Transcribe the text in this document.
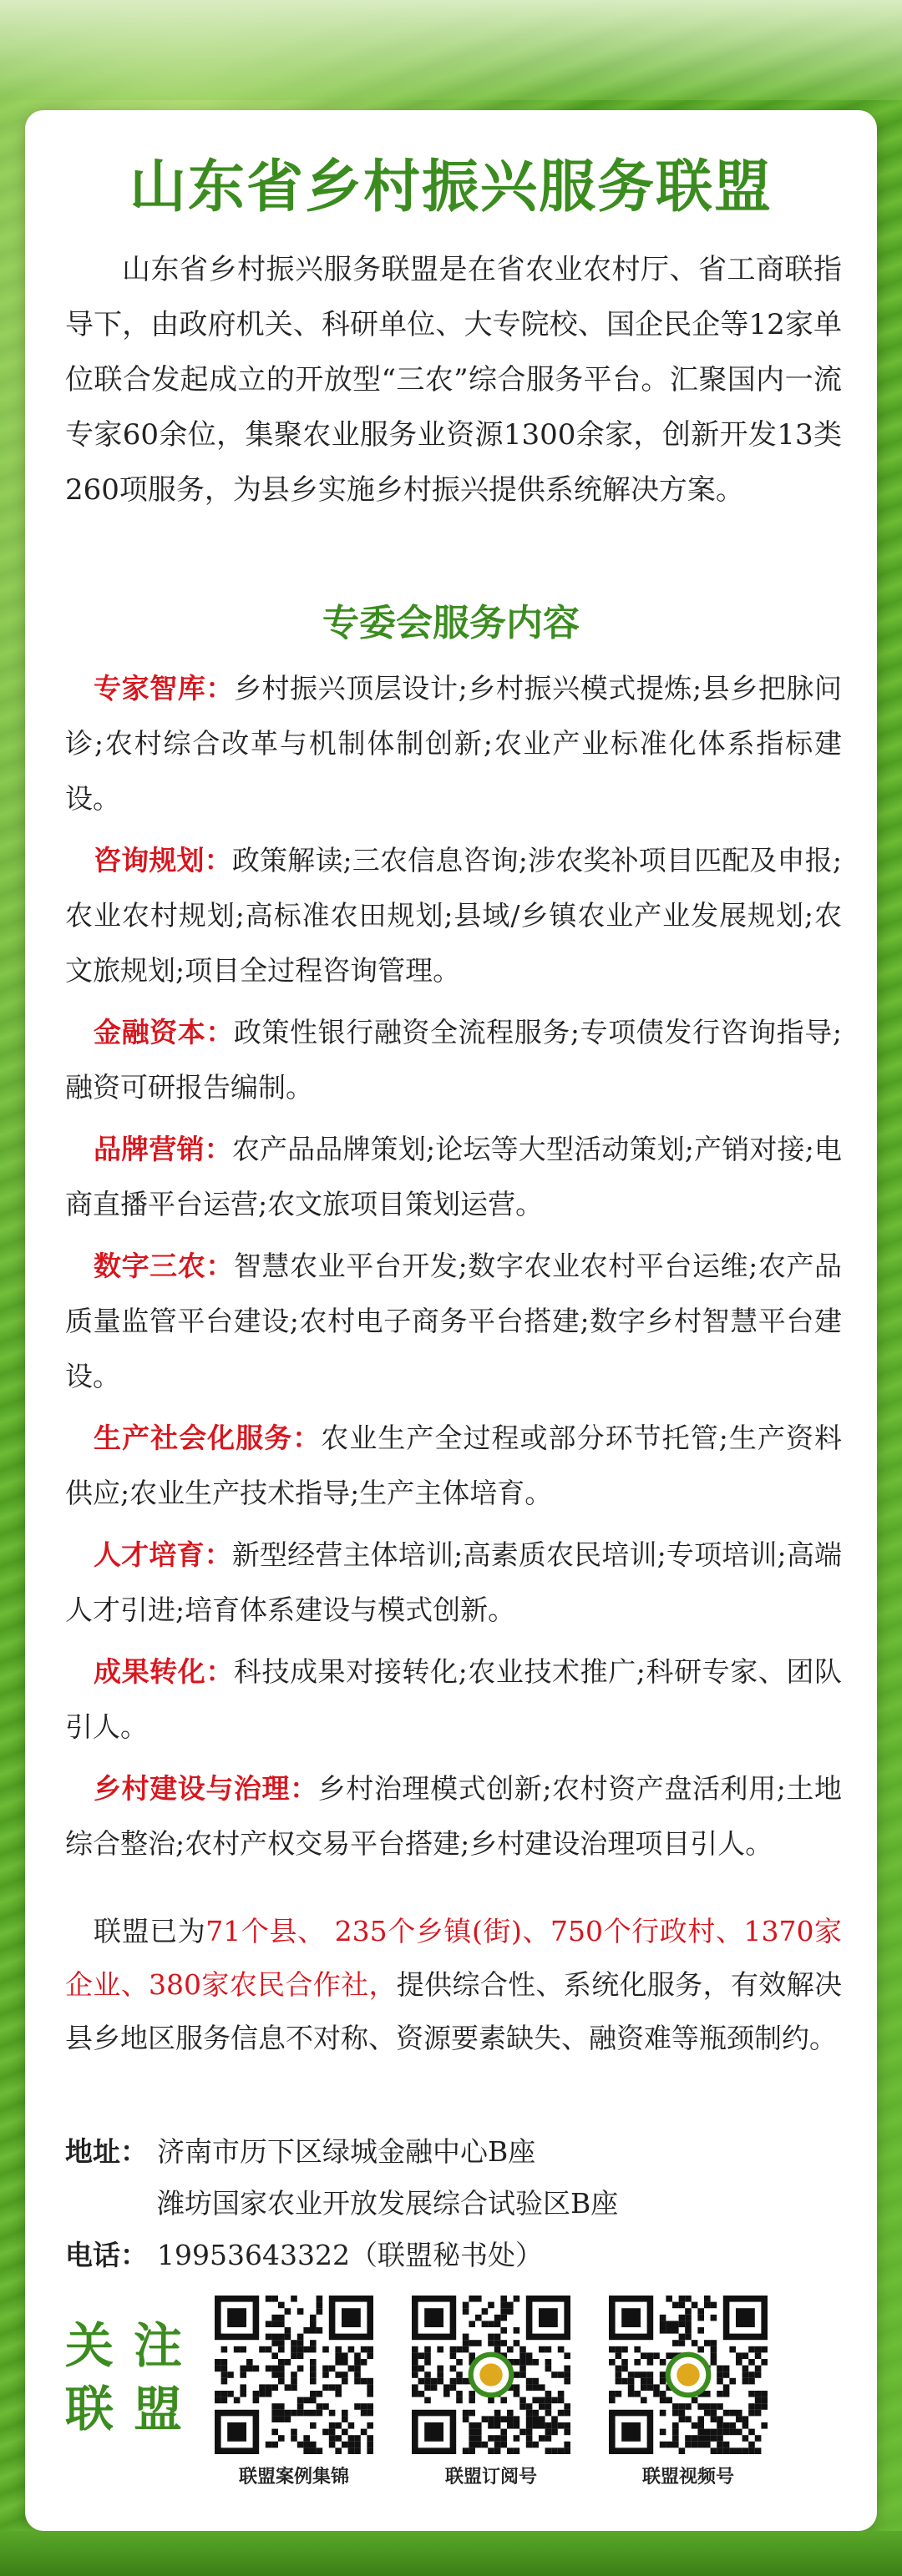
山东省乡村振兴服务联盟
山东省乡村振兴服务联盟是在省农业农村厅、省工商联指导下，由政府机关、科研单位、大专院校、国企民企等12家单位联合发起成立的开放型“三农”综合服务平台。汇聚国内一流专家60余位，集聚农业服务业资源1300余家，创新开发13类260项服务，为县乡实施乡村振兴提供系统解决方案。
专委会服务内容
专家智库：乡村振兴顶层设计;乡村振兴模式提炼;县乡把脉问诊;农村综合改革与机制体制创新;农业产业标准化体系指标建设。
咨询规划：政策解读;三农信息咨询;涉农奖补项目匹配及申报;农业农村规划;高标准农田规划;县域/乡镇农业产业发展规划;农文旅规划;项目全过程咨询管理。
金融资本：政策性银行融资全流程服务;专项债发行咨询指导;融资可研报告编制。
品牌营销：农产品品牌策划;论坛等大型活动策划;产销对接;电商直播平台运营;农文旅项目策划运营。
数字三农：智慧农业平台开发;数字农业农村平台运维;农产品质量监管平台建设;农村电子商务平台搭建;数字乡村智慧平台建设。
生产社会化服务：农业生产全过程或部分环节托管;生产资料供应;农业生产技术指导;生产主体培育。
人才培育：新型经营主体培训;高素质农民培训;专项培训;高端人才引进;培育体系建设与模式创新。
成果转化：科技成果对接转化;农业技术推广;科研专家、团队引人。
乡村建设与治理：乡村治理模式创新;农村资产盘活利用;土地综合整治;农村产权交易平台搭建;乡村建设治理项目引人。
联盟已为71个县、 235个乡镇(街)、750个行政村、1370家企业、380家农民合作社，提供综合性、系统化服务，有效解决县乡地区服务信息不对称、资源要素缺失、融资难等瓶颈制约。
地址： 济南市历下区绿城金融中心B座
潍坊国家农业开放发展综合试验区B座
电话： 19953643322（联盟秘书处）
关注联盟
联盟案例集锦	联盟订阅号	联盟视频号
